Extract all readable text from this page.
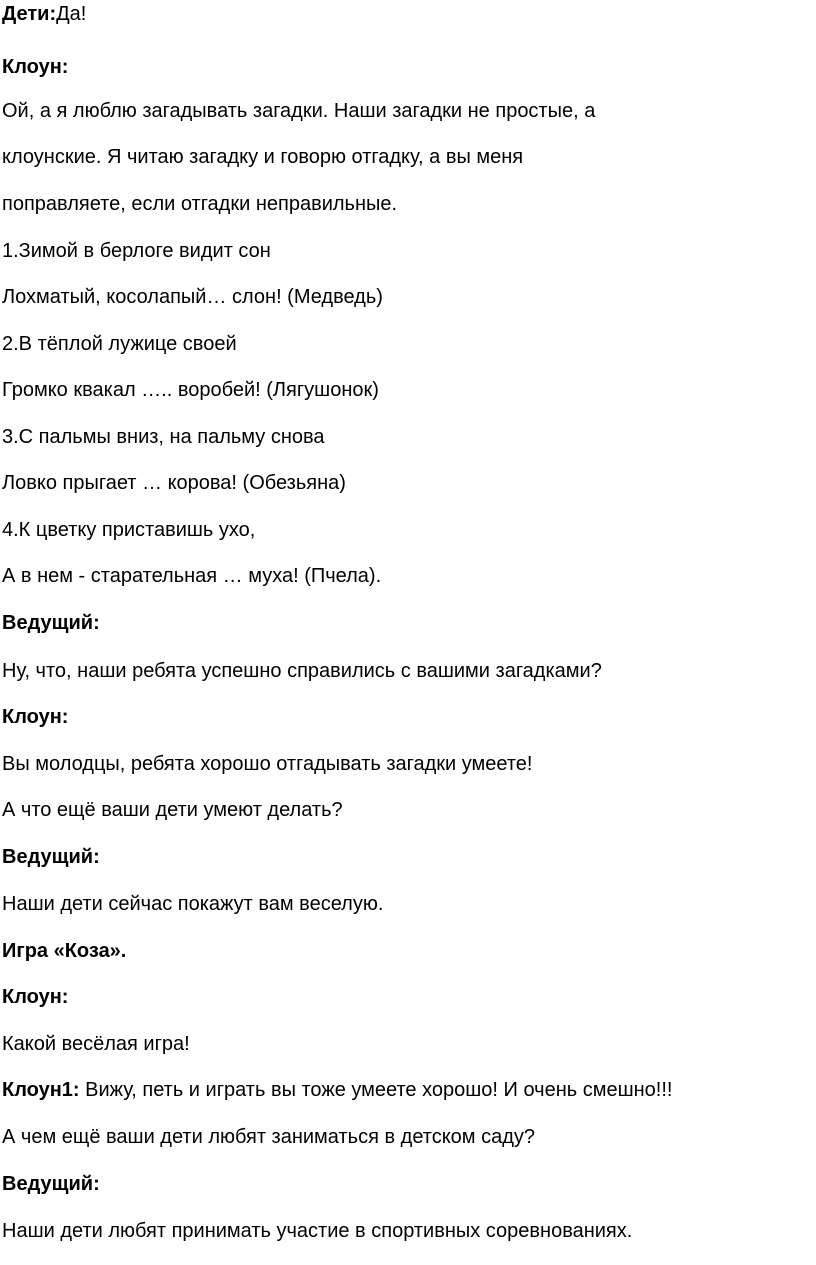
Дети:Да!
Клоун:
Ой, а я люблю загадывать загадки. Наши загадки не простые, а
клоунские. Я читаю загадку и говорю отгадку, а вы меня
поправляете, если отгадки неправильные.
1.Зимой в берлоге видит сон
Лохматый, косолапый… слон! (Медведь)
2.В тёплой лужице своей
Громко квакал ….. воробей! (Лягушонок)
3.С пальмы вниз, на пальму снова
Ловко прыгает … корова! (Обезьяна)
4.К цветку приставишь ухо,
А в нем - старательная … муха! (Пчела).
Ведущий:
Ну, что, наши ребята успешно справились с вашими загадками?
Клоун:
Вы молодцы, ребята хорошо отгадывать загадки умеете!
А что ещё ваши дети умеют делать?
Ведущий:
Наши дети сейчас покажут вам веселую.
Игра «Коза».
Клоун:
Какой весёлая игра!
Клоун1: Вижу, петь и играть вы тоже умеете хорошо! И очень смешно!!!
А чем ещё ваши дети любят заниматься в детском саду?
Ведущий:
Наши дети любят принимать участие в спортивных соревнованиях.
